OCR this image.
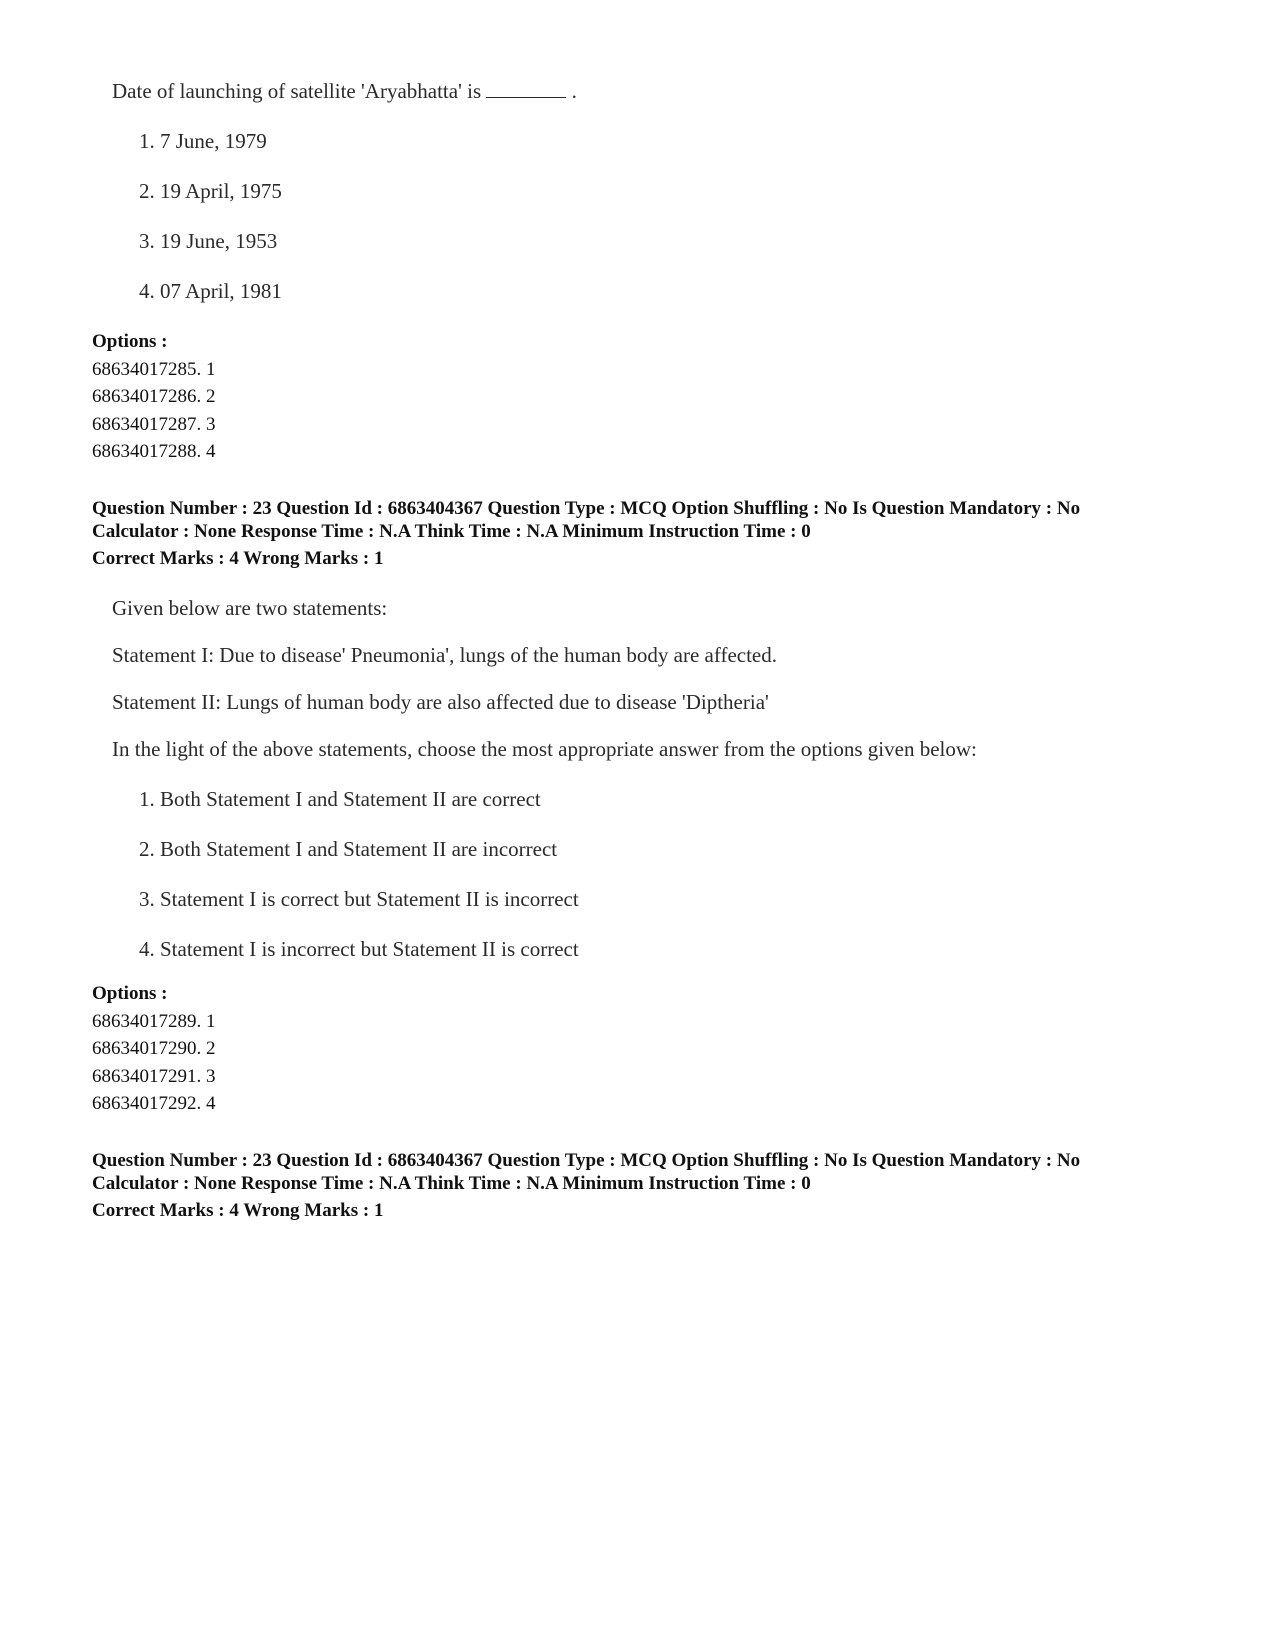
Date of launching of satellite 'Aryabhatta' is	.

1. 7 June, 1979
2. 19 April, 1975
3. 19 June, 1953
4. 07 April, 1981
Options :
68634017285. 1
68634017286. 2
68634017287. 3
68634017288. 4
Question Number : 23 Question Id : 6863404367 Question Type : MCQ Option Shuffling : No Is Question Mandatory : No
Calculator : None Response Time : N.A Think Time : N.A Minimum Instruction Time : 0
Correct Marks : 4 Wrong Marks : 1

Given below are two statements:

Statement I: Due to disease' Pneumonia', lungs of the human body are affected.

Statement II: Lungs of human body are also affected due to disease 'Diptheria'

In the light of the above statements, choose the most appropriate answer from the options given below:

1. Both Statement I and Statement II are correct
2. Both Statement I and Statement II are incorrect
3. Statement I is correct but Statement II is incorrect
4. Statement I is incorrect but Statement II is correct
Options :
68634017289. 1
68634017290. 2
68634017291. 3
68634017292. 4
Question Number : 23 Question Id : 6863404367 Question Type : MCQ Option Shuffling : No Is Question Mandatory : No
Calculator : None Response Time : N.A Think Time : N.A Minimum Instruction Time : 0
Correct Marks : 4 Wrong Marks : 1
